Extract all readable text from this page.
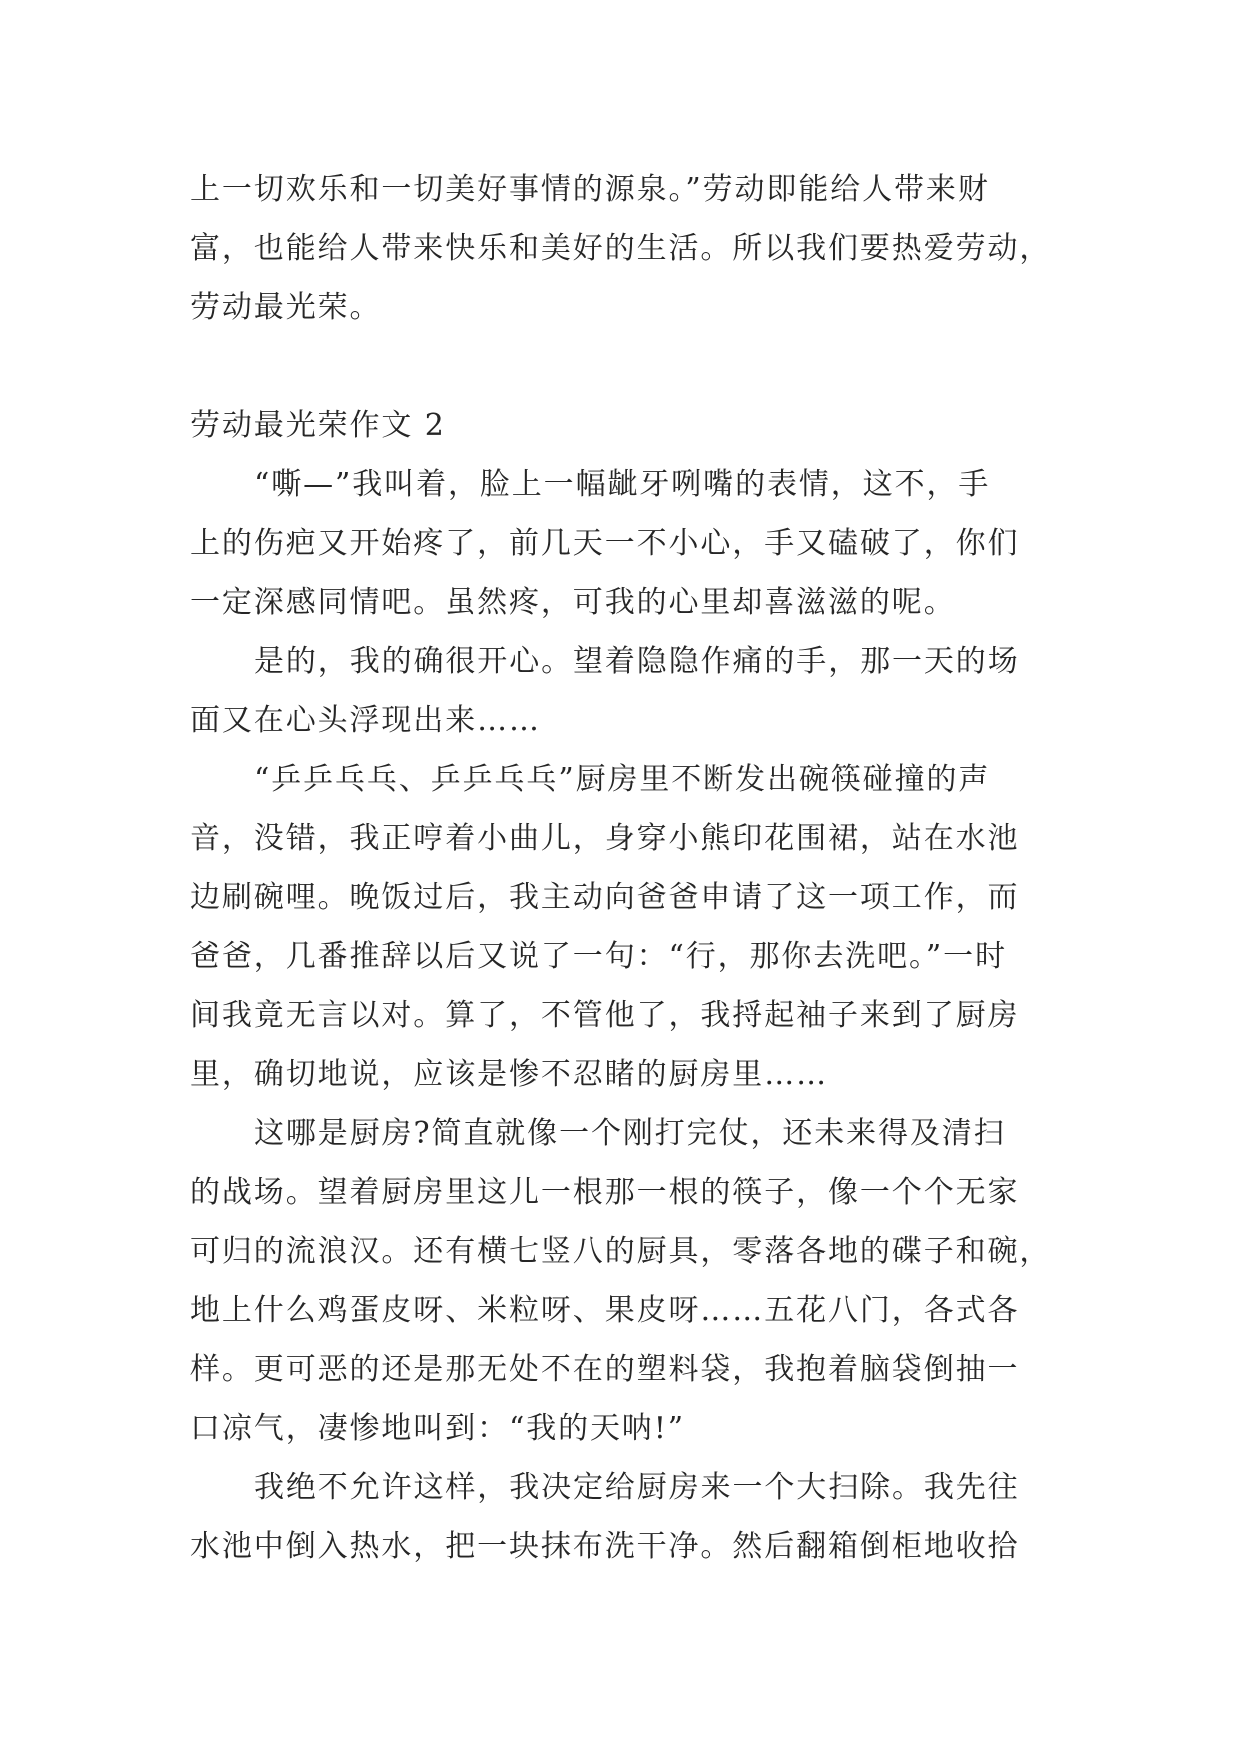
上一切欢乐和一切美好事情的源泉。”劳动即能给人带来财
富，也能给人带来快乐和美好的生活。所以我们要热爱劳动，
劳动最光荣。
劳动最光荣作文 2
“嘶—”我叫着，脸上一幅龇牙咧嘴的表情，这不，手
上的伤疤又开始疼了，前几天一不小心，手又磕破了，你们
一定深感同情吧。虽然疼，可我的心里却喜滋滋的呢。
是的，我的确很开心。望着隐隐作痛的手，那一天的场
面又在心头浮现出来……
“乒乒乓乓、乒乒乓乓”厨房里不断发出碗筷碰撞的声
音，没错，我正哼着小曲儿，身穿小熊印花围裙，站在水池
边刷碗哩。晚饭过后，我主动向爸爸申请了这一项工作，而
爸爸，几番推辞以后又说了一句：“行，那你去洗吧。”一时
间我竟无言以对。算了，不管他了，我捋起袖子来到了厨房
里，确切地说，应该是惨不忍睹的厨房里……
这哪是厨房?简直就像一个刚打完仗，还未来得及清扫
的战场。望着厨房里这儿一根那一根的筷子，像一个个无家
可归的流浪汉。还有横七竖八的厨具，零落各地的碟子和碗，
地上什么鸡蛋皮呀、米粒呀、果皮呀……五花八门，各式各
样。更可恶的还是那无处不在的塑料袋，我抱着脑袋倒抽一
口凉气，凄惨地叫到：“我的天呐!”
我绝不允许这样，我决定给厨房来一个大扫除。我先往
水池中倒入热水，把一块抹布洗干净。然后翻箱倒柜地收拾
